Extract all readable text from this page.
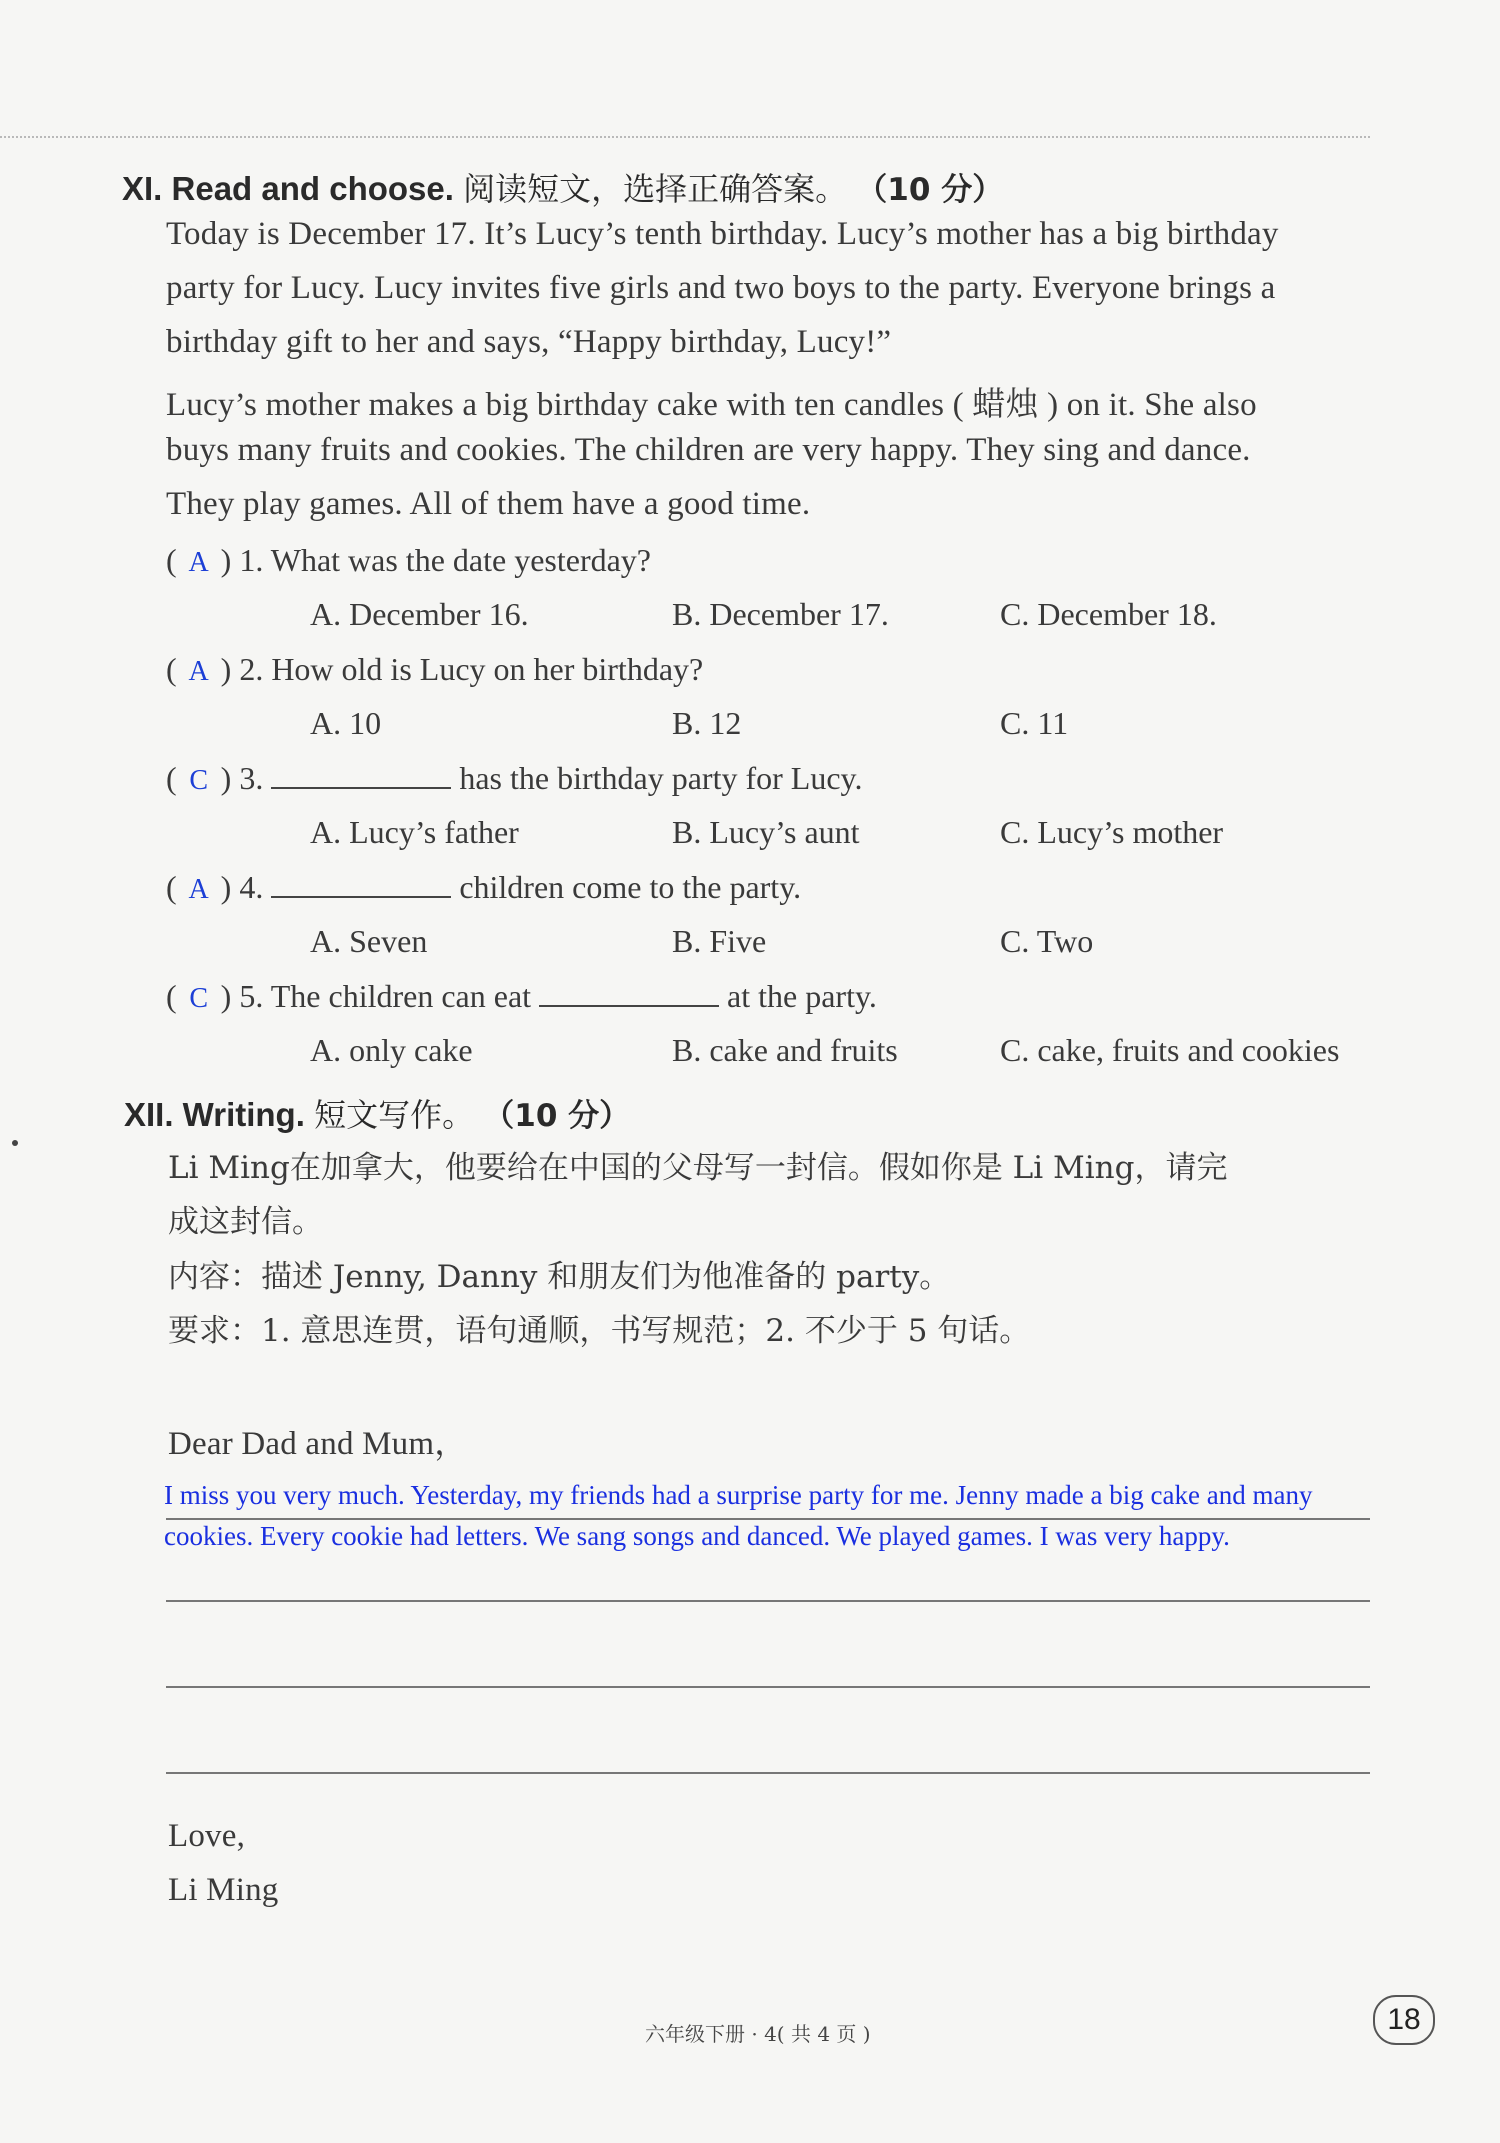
XI. Read and choose. 阅读短文，选择正确答案。 （10 分）
Today is December 17. It’s Lucy’s tenth birthday. Lucy’s mother has a big birthday
party for Lucy. Lucy invites five girls and two boys to the party. Everyone brings a
birthday gift to her and says, “Happy birthday, Lucy!”
Lucy’s mother makes a big birthday cake with ten candles ( 蜡烛 ) on it. She also
buys many fruits and cookies. The children are very happy. They sing and dance.
They play games. All of them have a good time.
( A ) 1. What was the date yesterday?
A. December 16.	B. December 17.	C. December 18.
( A ) 2. How old is Lucy on her birthday?
A. 10	B. 12	C. 11
( C ) 3.	has the birthday party for Lucy.
A. Lucy’s father	B. Lucy’s aunt	C. Lucy’s mother
( A ) 4.	children come to the party.
A. Seven	B. Five	C. Two
( C ) 5. The children can eat	at the party.
A. only cake	B. cake and fruits	C. cake, fruits and cookies
XII. Writing. 短文写作。 （10 分）
Li Ming在加拿大，他要给在中国的父母写一封信。假如你是 Li Ming，请完
成这封信。
内容：描述 Jenny, Danny 和朋友们为他准备的 party。
要求：1. 意思连贯，语句通顺，书写规范；2. 不少于 5 句话。
Dear Dad and Mum，
I miss you very much. Yesterday, my friends had a surprise party for me. Jenny made a big cake and many
cookies. Every cookie had letters. We sang songs and danced. We played games. I was very happy.
Love,
Li Ming
六年级下册 · 4( 共 4 页 )	18
